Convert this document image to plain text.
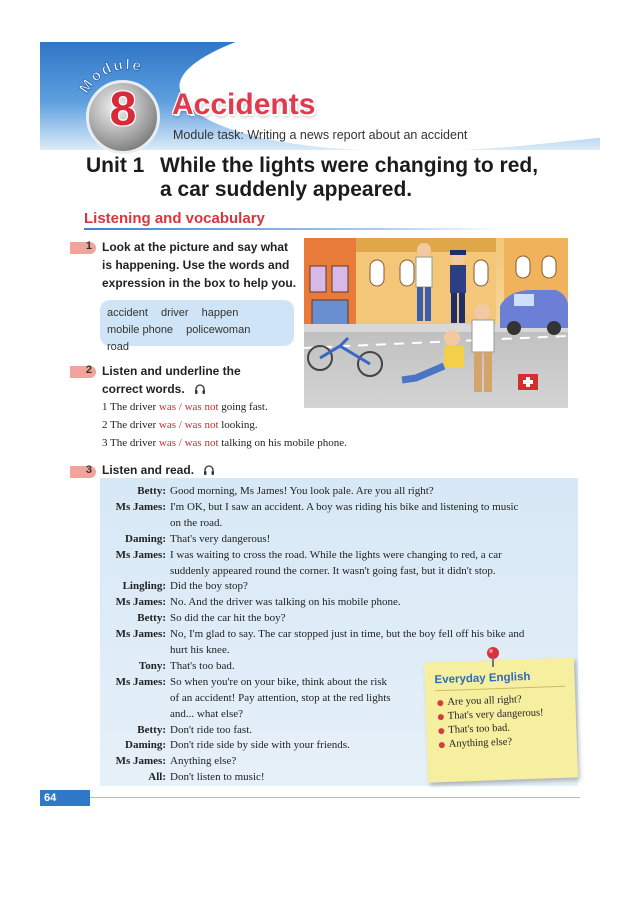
Module
8	Accidents
Module task: Writing a news report about an accident
Unit 1 While the lights were changing to red,
a car suddenly appeared.
Listening and vocabulary
1 Look at the picture and say what
is happening. Use the words and
expression in the box to help you.
accident driver happen
mobile phone policewoman road
2 Listen and underline the
correct words.
1 The driver was / was not going fast.
2 The driver was / was not looking.
3 The driver was / was not talking on his mobile phone.
3 Listen and read.
Betty: Good morning, Ms James! You look pale. Are you all right?
Ms James: I'm OK, but I saw an accident. A boy was riding his bike and listening to music
on the road.
Daming: That's very dangerous!
Ms James: I was waiting to cross the road. While the lights were changing to red, a car
suddenly appeared round the corner. It wasn't going fast, but it didn't stop.
Lingling: Did the boy stop?
Ms James: No. And the driver was talking on his mobile phone.
Betty: So did the car hit the boy?
Ms James: No, I'm glad to say. The car stopped just in time, but the boy fell off his bike and
hurt his knee.
Tony: That's too bad.
Ms James: So when you're on your bike, think about the risk
of an accident! Pay attention, stop at the red lights
and... what else?
Betty: Don't ride too fast.
Daming: Don't ride side by side with your friends.
Ms James: Anything else?
All: Don't listen to music!
Everyday English
Are you all right?
That's very dangerous!
That's too bad.
Anything else?
64
